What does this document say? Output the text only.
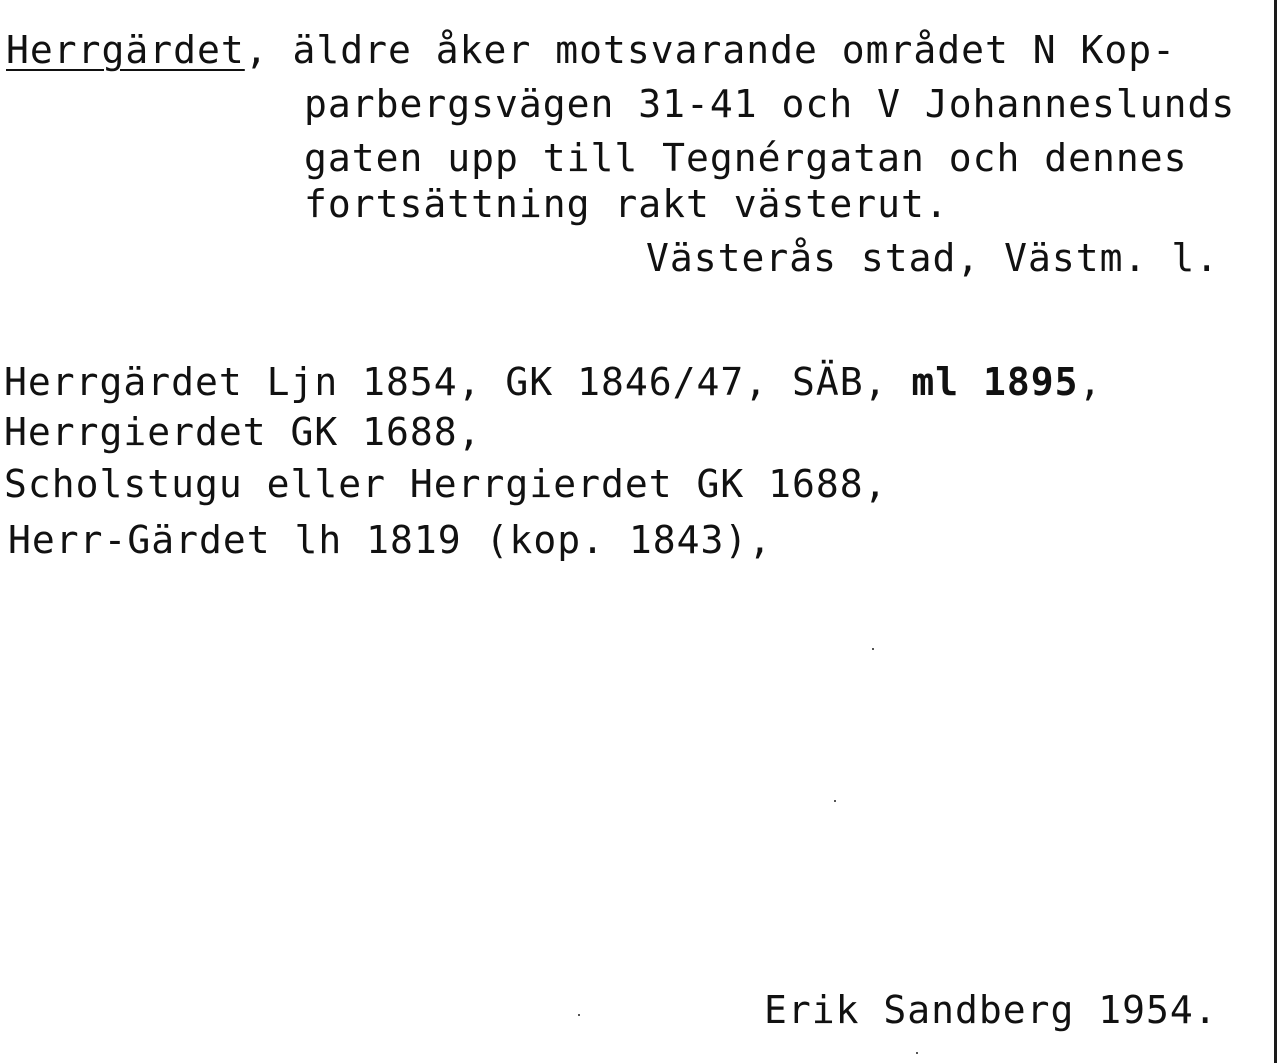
Herrgärdet, äldre åker motsvarande området N Kop-
parbergsvägen 31-41 och V Johanneslunds
gaten upp till Tegnérgatan och dennes
fortsättning rakt västerut.
Västerås stad, Västm. l.
Herrgärdet Ljn 1854, GK 1846/47, SÄB, ml 1895,
Herrgierdet GK 1688,
Scholstugu eller Herrgierdet GK 1688,
Herr-Gärdet lh 1819 (kop. 1843),
Erik Sandberg 1954.
